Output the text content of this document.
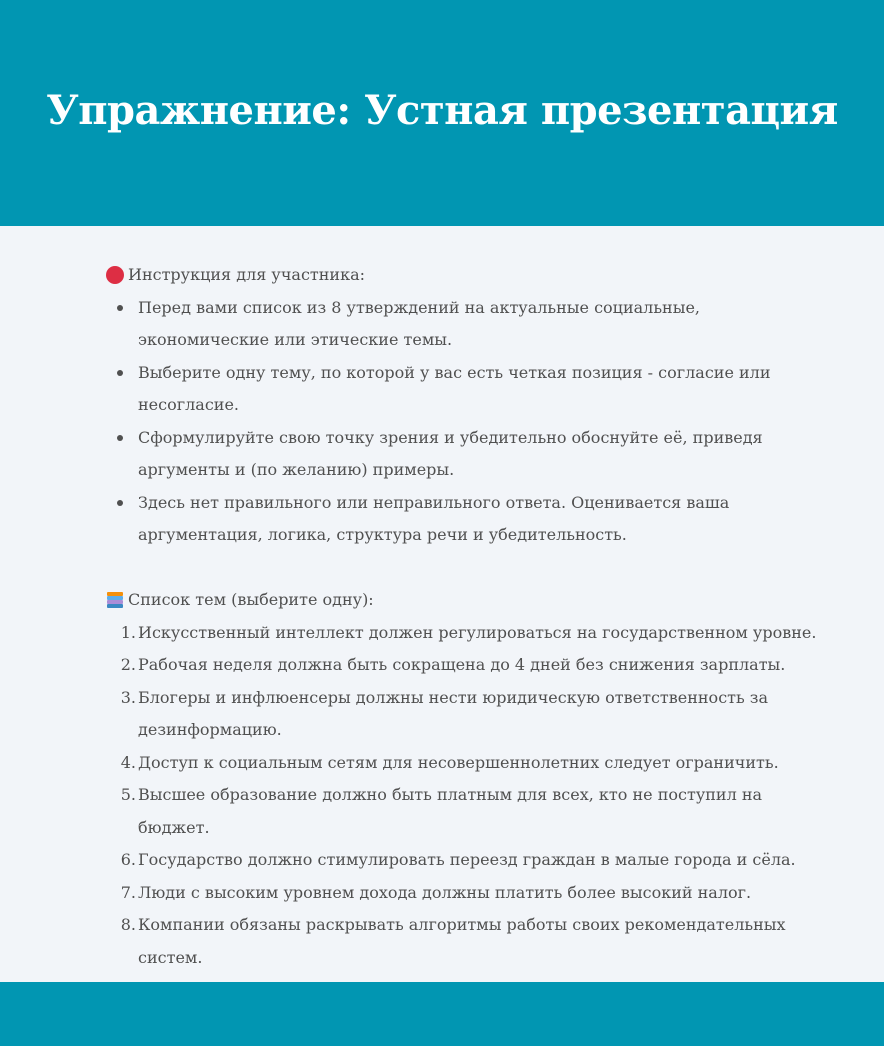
Упражнение: Устная презентация
Инструкция для участника:
Перед вами список из 8 утверждений на актуальные социальные, экономические или этические темы.
Выберите одну тему, по которой у вас есть четкая позиция - согласие или несогласие.
Сформулируйте свою точку зрения и убедительно обоснуйте её, приведя аргументы и (по желанию) примеры.
Здесь нет правильного или неправильного ответа. Оценивается ваша аргументация, логика, структура речи и убедительность.
Список тем (выберите одну):
1. Искусственный интеллект должен регулироваться на государственном уровне.
2. Рабочая неделя должна быть сокращена до 4 дней без снижения зарплаты.
3. Блогеры и инфлюенсеры должны нести юридическую ответственность за дезинформацию.
4. Доступ к социальным сетям для несовершеннолетних следует ограничить.
5. Высшее образование должно быть платным для всех, кто не поступил на бюджет.
6. Государство должно стимулировать переезд граждан в малые города и сёла.
7. Люди с высоким уровнем дохода должны платить более высокий налог.
8. Компании обязаны раскрывать алгоритмы работы своих рекомендательных систем.
